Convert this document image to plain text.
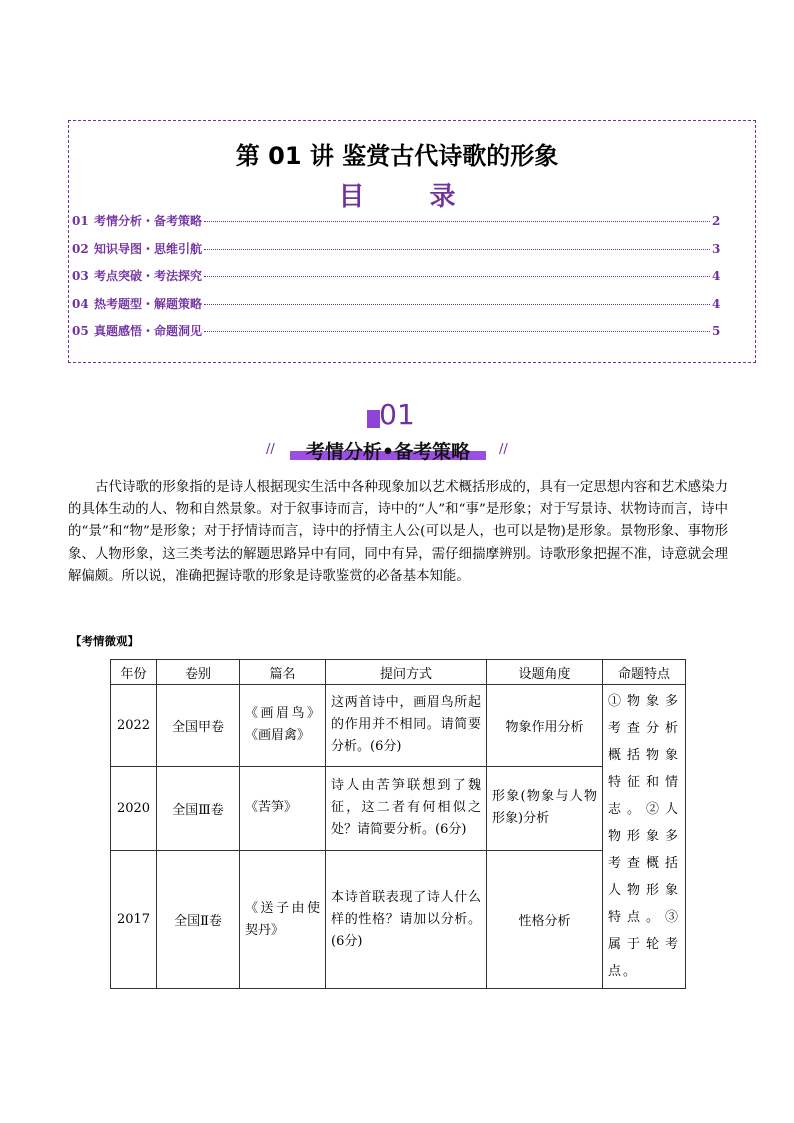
第 01 讲 鉴赏古代诗歌的形象
目 录
01 考情分析・备考策略	2
02 知识导图・思维引航	3
03 考点突破・考法探究	4
04 热考题型・解题策略	4
05 真题感悟・命题洞见	5
01
//	考情分析•备考策略	//
古代诗歌的形象指的是诗人根据现实生活中各种现象加以艺术概括形成的，具有一定思想内容和艺术感染力的具体生动的人、物和自然景象。对于叙事诗而言，诗中的“人”和“事”是形象；对于写景诗、状物诗而言，诗中的“景”和“物”是形象；对于抒情诗而言，诗中的抒情主人公(可以是人，也可以是物)是形象。景物形象、事物形象、人物形象，这三类考法的解题思路异中有同，同中有异，需仔细揣摩辨别。诗歌形象把握不准，诗意就会理解偏颇。所以说，准确把握诗歌的形象是诗歌鉴赏的必备基本知能。
【考情微观】
年份	卷别	篇名	提问方式	设题角度	命题特点
2022	全国甲卷	《画眉鸟》《画眉禽》	这两首诗中，画眉鸟所起的作用并不相同。请简要分析。(6分)	物象作用分析	①物象多考查分析概括物象特征和情志。②人物形象多考查概括人物形象特点。③属于轮考点。
2020	全国Ⅲ卷	《苦笋》	诗人由苦笋联想到了魏征，这二者有何相似之处？请简要分析。(6分)	形象(物象与人物形象)分析	
2017	全国Ⅱ卷	《送子由使契丹》	本诗首联表现了诗人什么样的性格？请加以分析。(6分)	性格分析	
